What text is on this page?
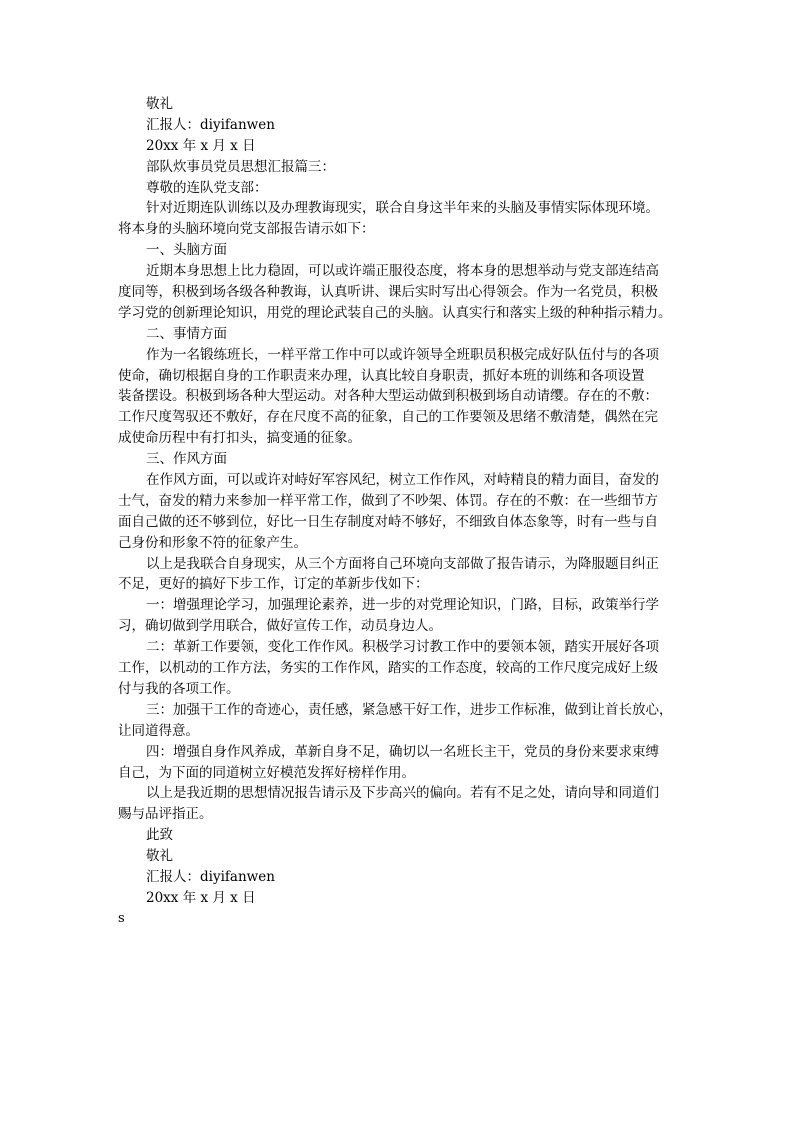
敬礼
汇报人：diyifanwen
20xx 年 x 月 x 日
部队炊事员党员思想汇报篇三：
尊敬的连队党支部：
针对近期连队训练以及办理教诲现实，联合自身这半年来的头脑及事情实际体现环境。
将本身的头脑环境向党支部报告请示如下：
一、头脑方面
近期本身思想上比力稳固，可以或许端正服役态度，将本身的思想举动与党支部连结高
度同等，积极到场各级各种教诲，认真听讲、课后实时写出心得领会。作为一名党员，积极
学习党的创新理论知识，用党的理论武装自己的头脑。认真实行和落实上级的种种指示精力。
二、事情方面
作为一名锻练班长，一样平常工作中可以或许领导全班职员积极完成好队伍付与的各项
使命，确切根据自身的工作职责来办理，认真比较自身职责，抓好本班的训练和各项设置
装备摆设。积极到场各种大型运动。对各种大型运动做到积极到场自动请缨。存在的不敷：
工作尺度驾驭还不敷好，存在尺度不高的征象，自己的工作要领及思绪不敷清楚，偶然在完
成使命历程中有打扣头，搞变通的征象。
三、作风方面
在作风方面，可以或许对峙好军容风纪，树立工作作风，对峙精良的精力面目，奋发的
士气，奋发的精力来参加一样平常工作，做到了不吵架、体罚。存在的不敷：在一些细节方
面自己做的还不够到位，好比一日生存制度对峙不够好，不细致自体态象等，时有一些与自
己身份和形象不符的征象产生。
以上是我联合自身现实，从三个方面将自己环境向支部做了报告请示，为降服题目纠正
不足，更好的搞好下步工作，订定的革新步伐如下：
一：增强理论学习，加强理论素养，进一步的对党理论知识，门路，目标，政策举行学
习，确切做到学用联合，做好宣传工作，动员身边人。
二：革新工作要领，变化工作作风。积极学习讨教工作中的要领本领，踏实开展好各项
工作，以机动的工作方法，务实的工作作风，踏实的工作态度，较高的工作尺度完成好上级
付与我的各项工作。
三：加强干工作的奇迹心，责任感，紧急感干好工作，进步工作标准，做到让首长放心，
让同道得意。
四：增强自身作风养成，革新自身不足，确切以一名班长主干，党员的身份来要求束缚
自己，为下面的同道树立好模范发挥好榜样作用。
以上是我近期的思想情况报告请示及下步高兴的偏向。若有不足之处，请向导和同道们
赐与品评指正。
此致
敬礼
汇报人：diyifanwen
20xx 年 x 月 x 日
s
